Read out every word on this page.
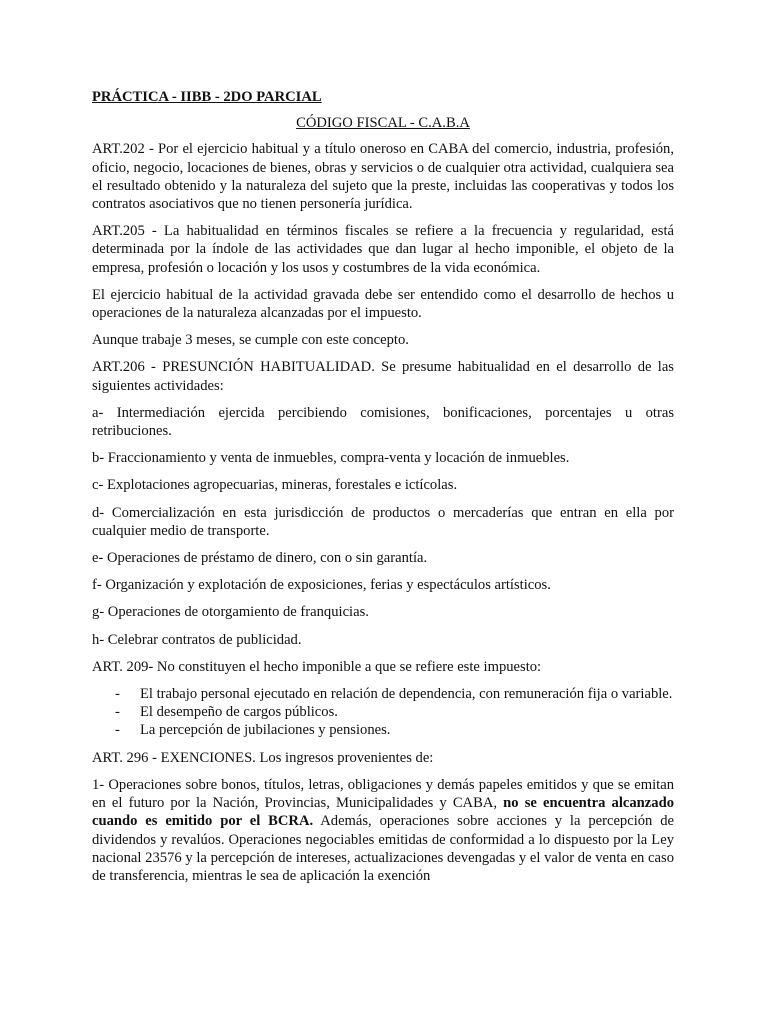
PRÁCTICA - IIBB - 2DO PARCIAL
CÓDIGO FISCAL - C.A.B.A

ART.202 - Por el ejercicio habitual y a título oneroso en CABA del comercio, industria, profesión, oficio, negocio, locaciones de bienes, obras y servicios o de cualquier otra actividad, cualquiera sea el resultado obtenido y la naturaleza del sujeto que la preste, incluidas las cooperativas y todos los contratos asociativos que no tienen personería jurídica.

ART.205 - La habitualidad en términos fiscales se refiere a la frecuencia y regularidad, está determinada por la índole de las actividades que dan lugar al hecho imponible, el objeto de la empresa, profesión o locación y los usos y costumbres de la vida económica.

El ejercicio habitual de la actividad gravada debe ser entendido como el desarrollo de hechos u operaciones de la naturaleza alcanzadas por el impuesto.

Aunque trabaje 3 meses, se cumple con este concepto.

ART.206 - PRESUNCIÓN HABITUALIDAD. Se presume habitualidad en el desarrollo de las siguientes actividades:

a- Intermediación ejercida percibiendo comisiones, bonificaciones, porcentajes u otras retribuciones.

b- Fraccionamiento y venta de inmuebles, compra-venta y locación de inmuebles.

c- Explotaciones agropecuarias, mineras, forestales e ictícolas.

d- Comercialización en esta jurisdicción de productos o mercaderías que entran en ella por cualquier medio de transporte.

e- Operaciones de préstamo de dinero, con o sin garantía.

f- Organización y explotación de exposiciones, ferias y espectáculos artísticos.

g- Operaciones de otorgamiento de franquicias.

h- Celebrar contratos de publicidad.

ART. 209- No constituyen el hecho imponible a que se refiere este impuesto:

- El trabajo personal ejecutado en relación de dependencia, con remuneración fija o variable.
- El desempeño de cargos públicos.
- La percepción de jubilaciones y pensiones.

ART. 296 - EXENCIONES. Los ingresos provenientes de:

1- Operaciones sobre bonos, títulos, letras, obligaciones y demás papeles emitidos y que se emitan en el futuro por la Nación, Provincias, Municipalidades y CABA, no se encuentra alcanzado cuando es emitido por el BCRA. Además, operaciones sobre acciones y la percepción de dividendos y revalúos. Operaciones negociables emitidas de conformidad a lo dispuesto por la Ley nacional 23576 y la percepción de intereses, actualizaciones devengadas y el valor de venta en caso de transferencia, mientras le sea de aplicación la exención
